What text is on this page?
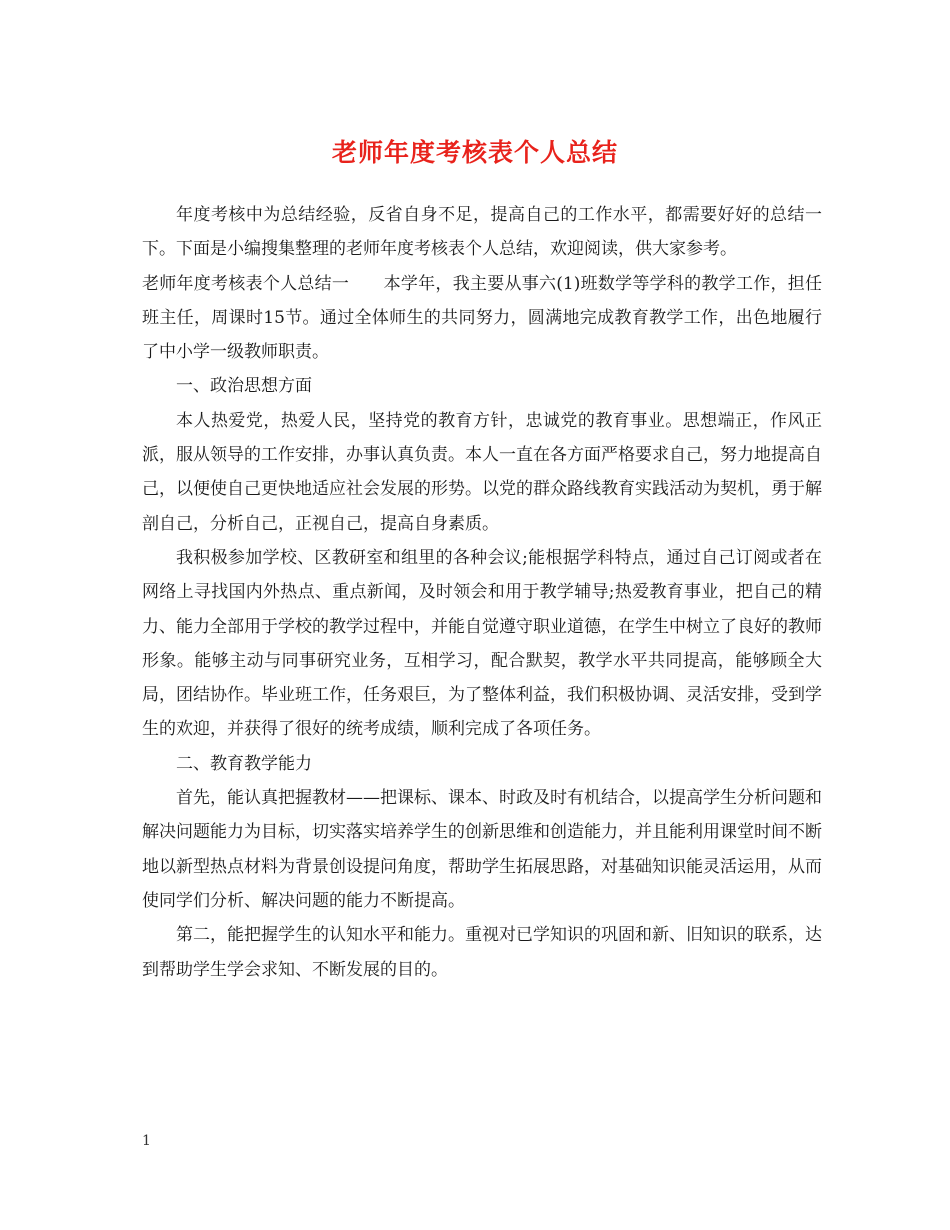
老师年度考核表个人总结

年度考核中为总结经验，反省自身不足，提高自己的工作水平，都需要好好的总结一下。下面是小编搜集整理的老师年度考核表个人总结，欢迎阅读，供大家参考。

老师年度考核表个人总结一　　本学年，我主要从事六(1)班数学等学科的教学工作，担任班主任，周课时15节。通过全体师生的共同努力，圆满地完成教育教学工作，出色地履行了中小学一级教师职责。

一、政治思想方面

本人热爱党，热爱人民，坚持党的教育方针，忠诚党的教育事业。思想端正，作风正派，服从领导的工作安排，办事认真负责。本人一直在各方面严格要求自己，努力地提高自己，以便使自己更快地适应社会发展的形势。以党的群众路线教育实践活动为契机，勇于解剖自己，分析自己，正视自己，提高自身素质。

我积极参加学校、区教研室和组里的各种会议;能根据学科特点，通过自己订阅或者在网络上寻找国内外热点、重点新闻，及时领会和用于教学辅导;热爱教育事业，把自己的精力、能力全部用于学校的教学过程中，并能自觉遵守职业道德，在学生中树立了良好的教师形象。能够主动与同事研究业务，互相学习，配合默契，教学水平共同提高，能够顾全大局，团结协作。毕业班工作，任务艰巨，为了整体利益，我们积极协调、灵活安排，受到学生的欢迎，并获得了很好的统考成绩，顺利完成了各项任务。

二、教育教学能力

首先，能认真把握教材——把课标、课本、时政及时有机结合，以提高学生分析问题和解决问题能力为目标，切实落实培养学生的创新思维和创造能力，并且能利用课堂时间不断地以新型热点材料为背景创设提问角度，帮助学生拓展思路，对基础知识能灵活运用，从而使同学们分析、解决问题的能力不断提高。

第二，能把握学生的认知水平和能力。重视对已学知识的巩固和新、旧知识的联系，达到帮助学生学会求知、不断发展的目的。

1
